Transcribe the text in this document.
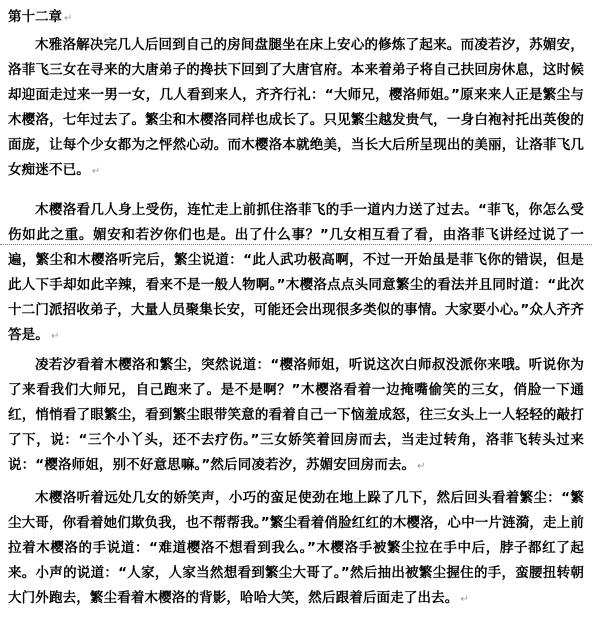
第十二章 ↵

木雅洛解决完几人后回到自己的房间盘腿坐在床上安心的修炼了起来。而凌若汐，苏媚安，洛菲飞三女在寻来的大唐弟子的搀扶下回到了大唐官府。本来着弟子将自己扶回房休息，这时候却迎面走过来一男一女，几人看到来人，齐齐行礼：“大师兄，樱洛师姐。”原来来人正是繁尘与木樱洛，七年过去了。繁尘和木樱洛同样也成长了。只见繁尘越发贵气，一身白袍衬托出英俊的面庞，让每个少女都为之怦然心动。而木樱洛本就绝美，当长大后所呈现出的美丽，让洛菲飞几女痴迷不已。 ↵

木樱洛看几人身上受伤，连忙走上前抓住洛菲飞的手一道内力送了过去。“菲飞，你怎么受伤如此之重。媚安和若汐你们也是。出了什么事？”几女相互看了看，由洛菲飞讲经过说了一遍，繁尘和木樱洛听完后，繁尘说道：“此人武功极高啊，不过一开始虽是菲飞你的错误，但是此人下手却如此辛辣，看来不是一般人物啊。”木樱洛点点头同意繁尘的看法并且同时道：“此次十二门派招收弟子，大量人员聚集长安，可能还会出现很多类似的事情。大家要小心。”众人齐齐答是。 ↵

凌若汐看着木樱洛和繁尘，突然说道：“樱洛师姐，听说这次白师叔没派你来哦。听说你为了来看我们大师兄，自己跑来了。是不是啊？”木樱洛看着一边掩嘴偷笑的三女，俏脸一下通红，悄悄看了眼繁尘，看到繁尘眼带笑意的看着自己一下恼羞成怒，往三女头上一人轻轻的敲打了下，说：“三个小丫头，还不去疗伤。”三女娇笑着回房而去，当走过转角，洛菲飞转头过来说：“樱洛师姐，别不好意思嘛。”然后同凌若汐，苏媚安回房而去。 ↵

木樱洛听着远处几女的娇笑声，小巧的蛮足使劲在地上跺了几下，然后回头看着繁尘：“繁尘大哥，你看着她们欺负我，也不帮帮我。”繁尘看着俏脸红红的木樱洛，心中一片涟漪，走上前拉着木樱洛的手说道：“难道樱洛不想看到我么。”木樱洛手被繁尘拉在手中后，脖子都红了起来。小声的说道：“人家，人家当然想看到繁尘大哥了。”然后抽出被繁尘握住的手，蛮腰扭转朝大门外跑去，繁尘看着木樱洛的背影，哈哈大笑，然后跟着后面走了出去。 ↵
